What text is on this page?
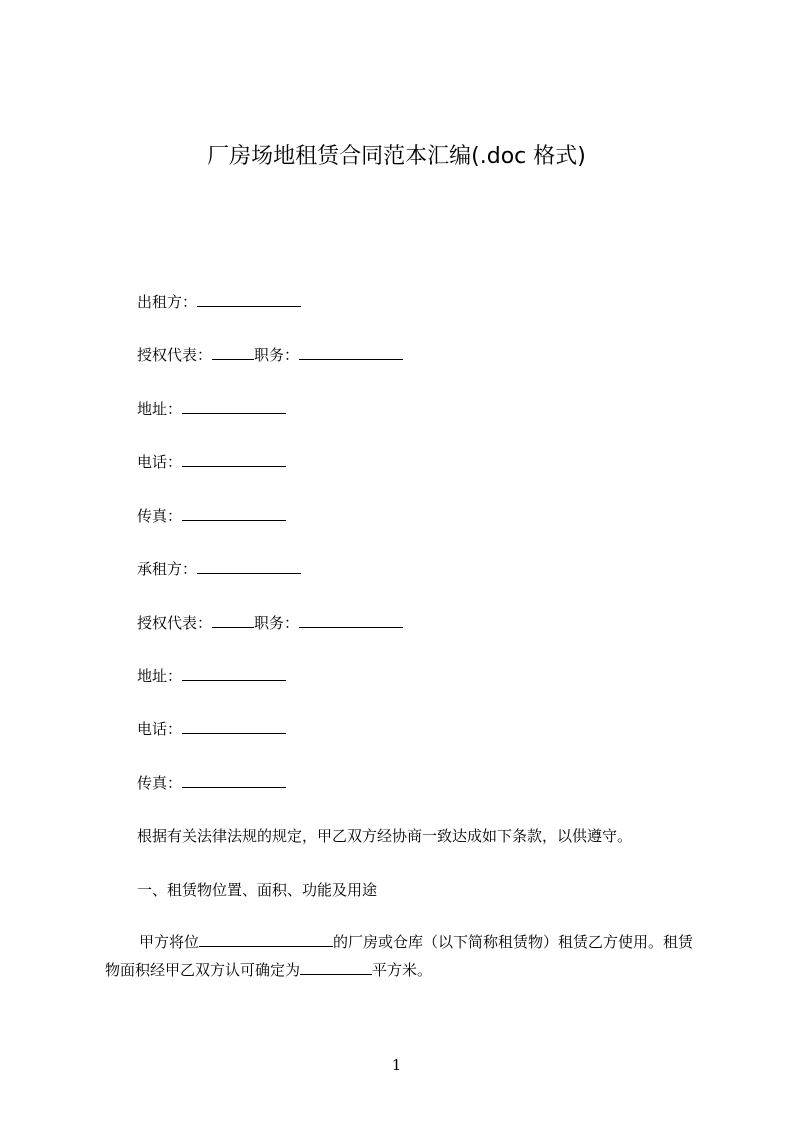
厂房场地租赁合同范本汇编(.doc 格式)
出租方：
授权代表：	职务：
地址：
电话：
传真：
承租方：
授权代表：	职务：
地址：
电话：
传真：
根据有关法律法规的规定，甲乙双方经协商一致达成如下条款，以供遵守。
一、租赁物位置、面积、功能及用途
甲方将位	的厂房或仓库（以下简称租赁物）租赁乙方使用。租赁物面积经甲乙双方认可确定为	平方米。
1
